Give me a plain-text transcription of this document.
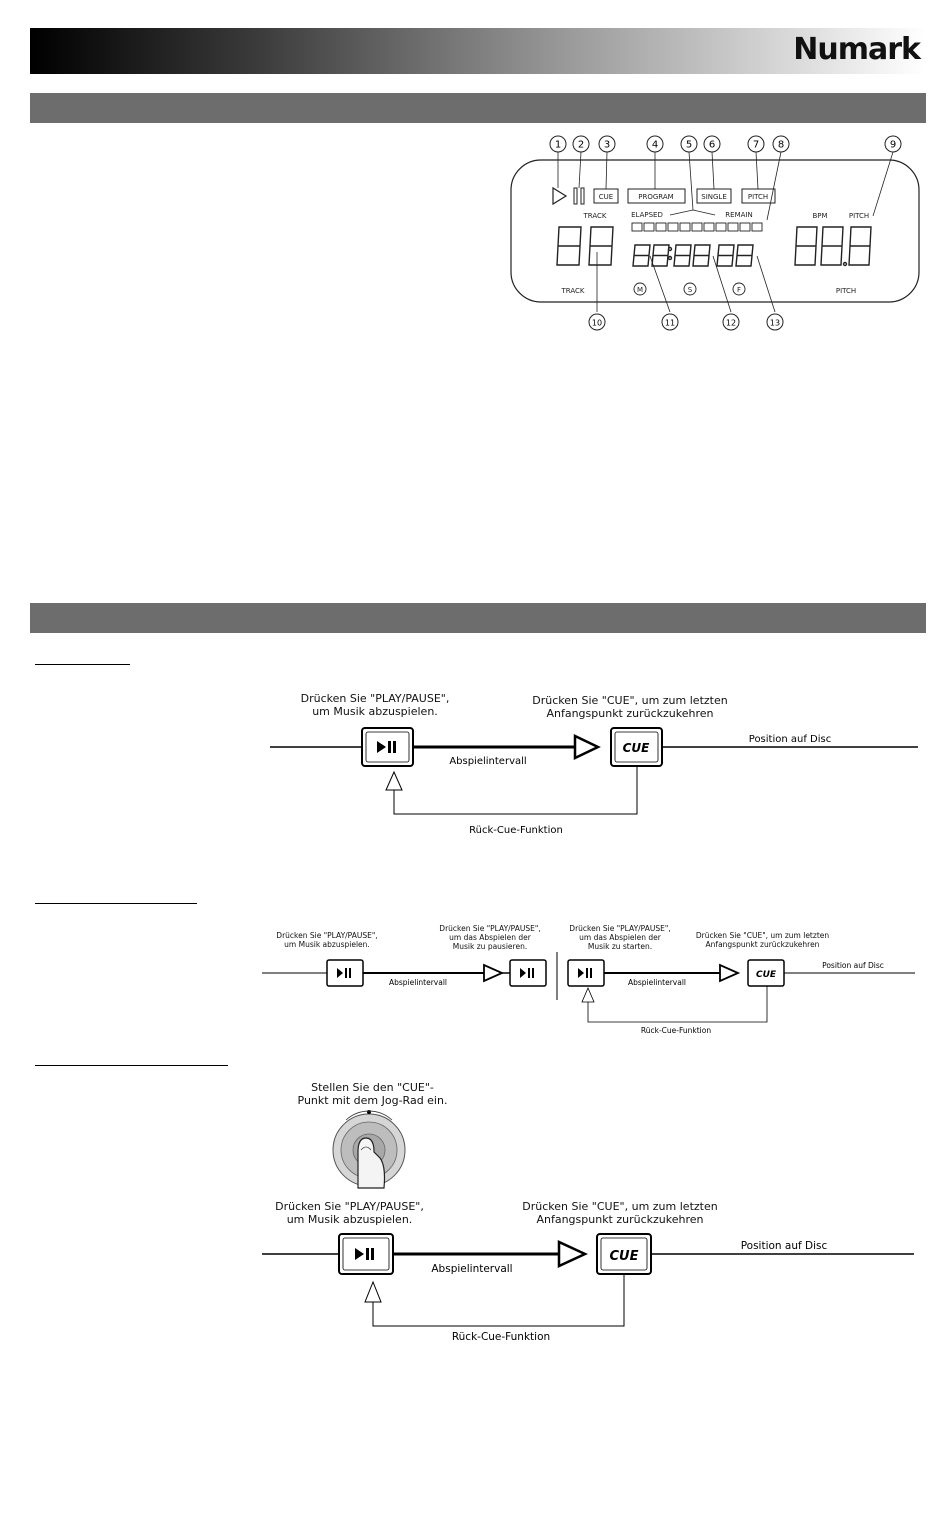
Numark
1 2 3	4	5 6	7 8	9
CUE	PROGRAM	SINGLE	PITCH
TRACK	ELAPSED	REMAIN	BPM	PITCH
TRACK	PITCH
M	S	F
10	11	12	13
Drücken Sie "PLAY/PAUSE",
um Musik abzuspielen.
Drücken Sie "CUE", um zum letzten
Anfangspunkt zurückzukehren
CUE
Abspielintervall
Position auf Disc
Rück-Cue-Funktion
Drücken Sie "PLAY/PAUSE",
um Musik abzuspielen.
Drücken Sie "PLAY/PAUSE",
um das Abspielen der
Musik zu pausieren.
Drücken Sie "PLAY/PAUSE",
um das Abspielen der
Musik zu starten.
Drücken Sie "CUE", um zum letzten
Anfangspunkt zurückzukehren
CUE
Abspielintervall	Abspielintervall
Position auf Disc
Rück-Cue-Funktion
Stellen Sie den "CUE"-
Punkt mit dem Jog-Rad ein.
Drücken Sie "PLAY/PAUSE",
um Musik abzuspielen.
Drücken Sie "CUE", um zum letzten
Anfangspunkt zurückzukehren
CUE
Abspielintervall
Position auf Disc
Rück-Cue-Funktion
